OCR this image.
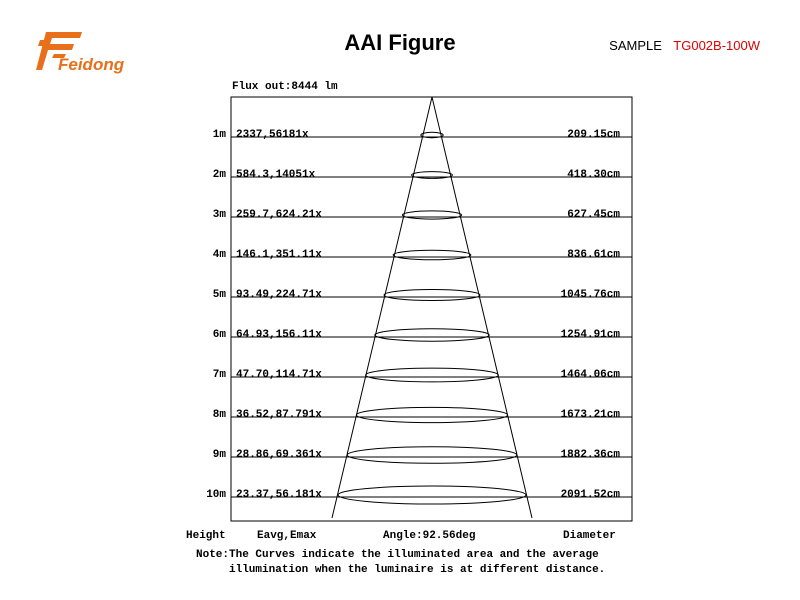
Feidong
AAI Figure	SAMPLE TG002B-100W
Flux out:8444 lm
1m 2337,56181x	209.15cm
2m 584.3,14051x	418.30cm
3m 259.7,624.21x	627.45cm
4m 146.1,351.11x	836.61cm
5m 93.49,224.71x	1045.76cm
6m 64.93,156.11x	1254.91cm
7m 47.70,114.71x	1464.06cm
8m 36.52,87.791x	1673.21cm
9m 28.86,69.361x	1882.36cm
10m 23.37,56.181x	2091.52cm
Height	Eavg,Emax	Angle:92.56deg	Diameter
Note:The Curves indicate the illuminated area and the average
illumination when the luminaire is at different distance.
